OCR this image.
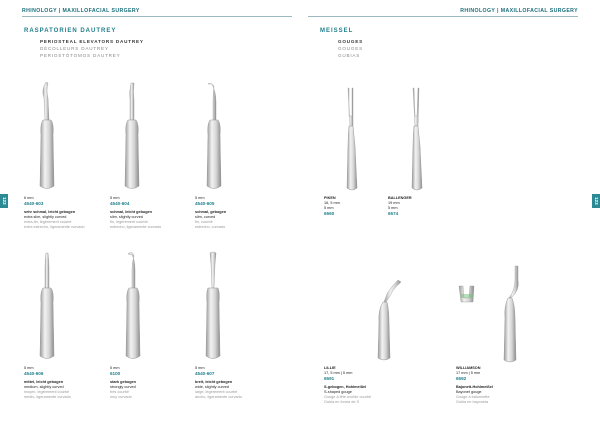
RHINOLOGY | MAXILLOFACIAL SURGERY	RHINOLOGY | MAXILLOFACIAL SURGERY
122	123
RASPATORIEN DAUTREY
PERIOSTEAL ELEVATORS DAUTREY
DÉCOLLEURS DAUTREY
PERIOSTÓTOMOS DAUTREY
MEISSEL
GOUGES
GOUGES
GUBIAS
6 mm
4540-603
sehr schmal, leicht gebogen
extra slim, slightly curved
extra-fin, légèrement courbé
extra estrecho, ligeramente curvado
5 mm
4540-604
schmal, leicht gebogen
slim, slightly curved
fin, légèrement courbé
estrecho, ligeramente curvado
5 mm
4540-605
schmal, gebogen
slim, curved
fin, courbé
estrecho, curvado
5 mm
4540-606
mittel, leicht gebogen
medium, slightly curved
moyen, légèrement courbé
medio, ligeramente curvado
5 mm
6100
stark gebogen
strongly curved
très courbé
muy curvado
5 mm
4540-607
breit, leicht gebogen
wide, slightly curved
large, légèrement courbé
ancho, ligeramente curvado
PIKEN
16, 5 mm
5 mm
6560
BALLENGER
19 mm
5 mm
6574
LILLIE
17, 5 mm | 5 mm
6591
S-gebogen, Hohlmeißel
S-shaped gouge
Gouge à tête ovoïde courbé
Gubia en forma de S
WILLIAMSON
17 mm | 5 mm
6592
Bajonett-Hohlmeißel
Bayonet gouge
Gouge à baïonnette
Gubia en bayoneta
